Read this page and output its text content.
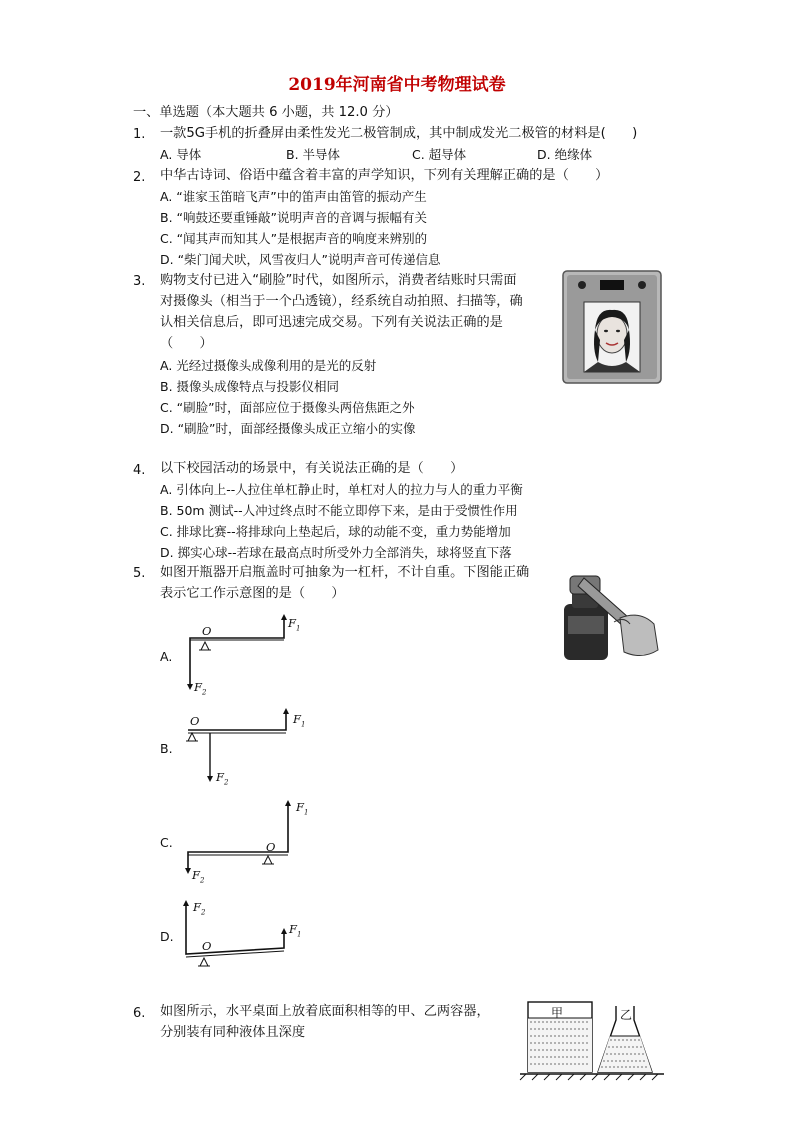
2019年河南省中考物理试卷
一、单选题（本大题共 6 小题，共 12.0 分）
1. 一款5G手机的折叠屏由柔性发光二极管制成，其中制成发光二极管的材料是(　　)
A. 导体	B. 半导体	C. 超导体	D. 绝缘体
2. 中华古诗词、俗语中蕴含着丰富的声学知识，下列有关理解正确的是（　　）
A. “谁家玉笛暗飞声”中的笛声由笛管的振动产生
B. “响鼓还要重锤敲”说明声音的音调与振幅有关
C. “闻其声而知其人”是根据声音的响度来辨别的
D. “柴门闻犬吠，风雪夜归人”说明声音可传递信息
3. 购物支付已进入“刷脸”时代，如图所示，消费者结账时只需面
对摄像头（相当于一个凸透镜），经系统自动拍照、扫描等，确
认相关信息后，即可迅速完成交易。下列有关说法正确的是
（　　）
A. 光经过摄像头成像利用的是光的反射
B. 摄像头成像特点与投影仪相同
C. “刷脸”时，面部应位于摄像头两倍焦距之外
D. “刷脸”时，面部经摄像头成正立缩小的实像
4. 以下校园活动的场景中，有关说法正确的是（　　）
A. 引体向上--人拉住单杠静止时，单杠对人的拉力与人的重力平衡
B. 50m 测试--人冲过终点时不能立即停下来，是由于受惯性作用
C. 排球比赛--将排球向上垫起后，球的动能不变，重力势能增加
D. 掷实心球--若球在最高点时所受外力全部消失，球将竖直下落
5. 如图开瓶器开启瓶盖时可抽象为一杠杆，不计自重。下图能正确
表示它工作示意图的是（　　）
A.
B.
C.
D.
O
$F_1$
$F_2$
O	$F_1$
$F_2$
O
$F_1$
$F_2$
O
$F_1$
$F_2$
6. 如图所示，水平桌面上放着底面积相等的甲、乙两容器，
分别装有同种液体且深度
甲	乙
